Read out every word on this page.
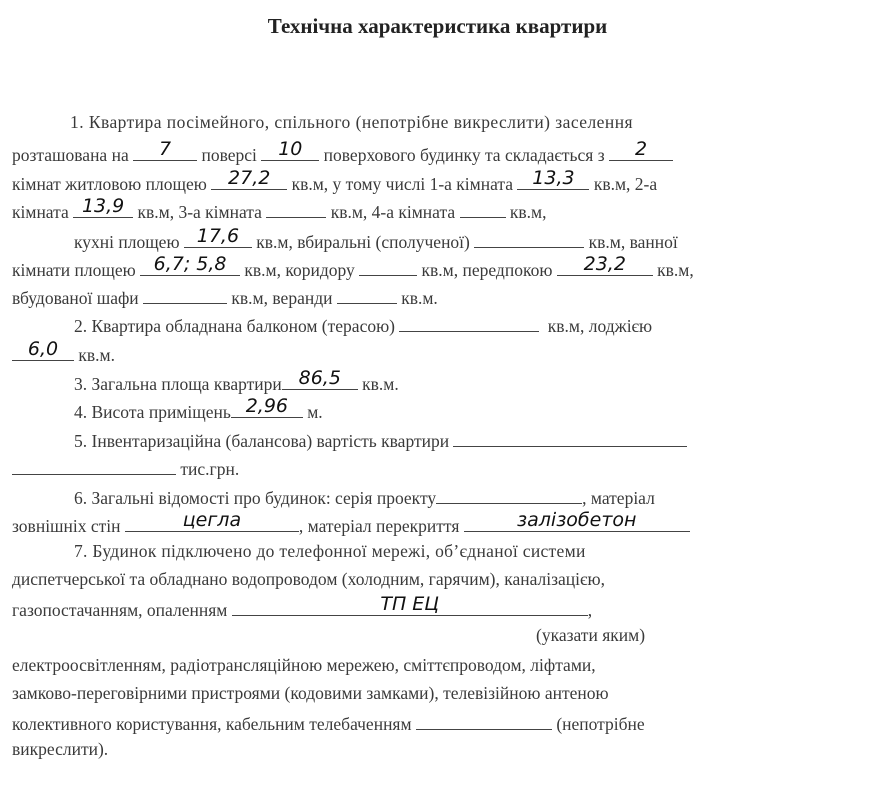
Технічна характеристика квартири
1. Квартира посімейного, спільного (непотрібне викреслити) заселення
розташована на	7	поверсі	10	поверхового будинку та складається з	2
кімнат житловою площею	27,2	кв.м, у тому числі 1-а кімната	13,3	кв.м, 2-а
кімната 13,9 кв.м, 3-а кімната	кв.м, 4-а кімната	кв.м,
кухні площею 17,6 кв.м, вбиральні (сполученої)	кв.м, ванної
кімнати площею 6,7; 5,8	кв.м, коридору	кв.м, передпокою	23,2	кв.м,
вбудованої шафи	кв.м, веранди	кв.м.
2. Квартира обладнана балконом (терасою)	кв.м, лоджією
6,0	кв.м.
3. Загальна площа квартири 86,5	кв.м.
4. Висота приміщень 2,96	м.
5. Інвентаризаційна (балансова) вартість квартири
тис.грн.
6. Загальні відомості про будинок: серія проекту	, матеріал
зовнішніх стін	цегла	, матеріал перекриття	залізобетон
7. Будинок підключено до телефонної мережі, об’єднаної системи
диспетчерської та обладнано водопроводом (холодним, гарячим), каналізацією,
газопостачанням, опаленням	ТП ЕЦ	,
(указати яким)
електроосвітленням, радіотрансляційною мережею, сміттєпроводом, ліфтами,
замково-переговірними пристроями (кодовими замками), телевізійною антеною
колективного користування, кабельним телебаченням	(непотрібне
викреслити).
